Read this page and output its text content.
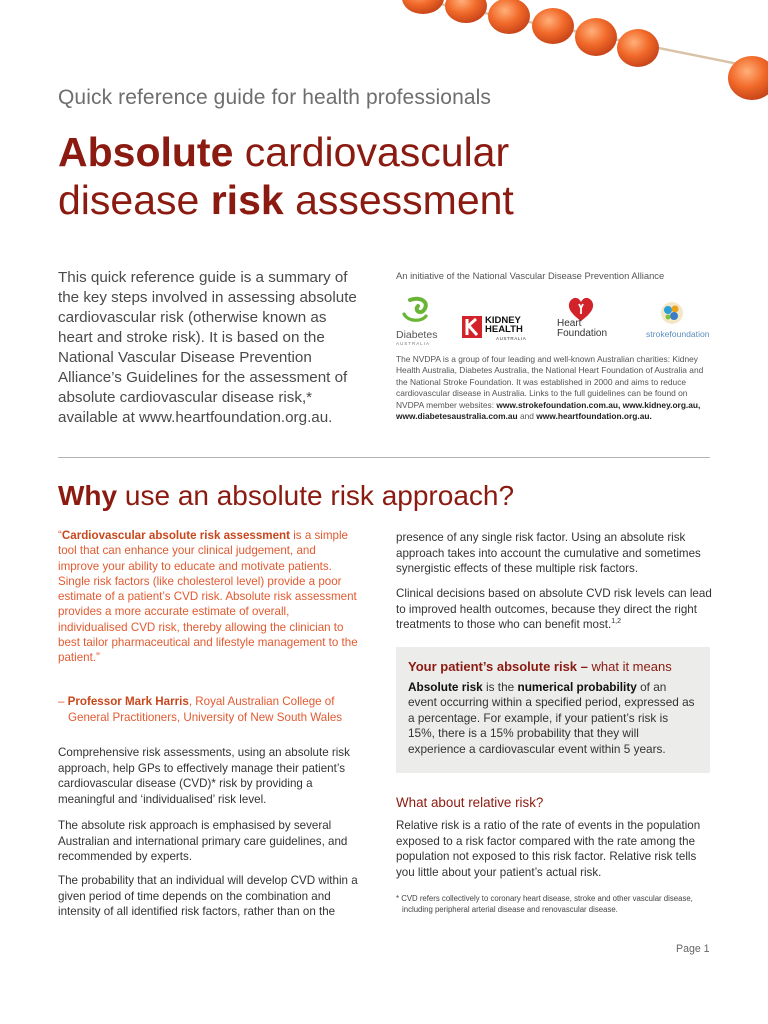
Quick reference guide for health professionals
Absolute cardiovascular
disease risk assessment
This quick reference guide is a summary of the key steps involved in assessing absolute cardiovascular risk (otherwise known as heart and stroke risk). It is based on the National Vascular Disease Prevention Alliance’s Guidelines for the assessment of absolute cardiovascular disease risk,* available at www.heartfoundation.org.au.
An initiative of the National Vascular Disease Prevention Alliance
Diabetes
AUSTRALIA
KIDNEY
HEALTH
AUSTRALIA
Heart
Foundation	strokefoundation
The NVDPA is a group of four leading and well-known Australian charities: Kidney Health Australia, Diabetes Australia, the National Heart Foundation of Australia and the National Stroke Foundation. It was established in 2000 and aims to reduce cardiovascular disease in Australia. Links to the full guidelines can be found on NVDPA member websites: www.strokefoundation.com.au, www.kidney.org.au, www.diabetesaustralia.com.au and www.heartfoundation.org.au.
Why use an absolute risk approach?
“Cardiovascular absolute risk assessment is a simple tool that can enhance your clinical judgement, and improve your ability to educate and motivate patients. Single risk factors (like cholesterol level) provide a poor estimate of a patient’s CVD risk. Absolute risk assessment provides a more accurate estimate of overall, individualised CVD risk, thereby allowing the clinician to best tailor pharmaceutical and lifestyle management to the patient.”
– Professor Mark Harris, Royal Australian College of General Practitioners, University of New South Wales
Comprehensive risk assessments, using an absolute risk approach, help GPs to effectively manage their patient’s cardiovascular disease (CVD)* risk by providing a meaningful and ‘individualised’ risk level.
The absolute risk approach is emphasised by several Australian and international primary care guidelines, and recommended by experts.
The probability that an individual will develop CVD within a given period of time depends on the combination and intensity of all identified risk factors, rather than on the
presence of any single risk factor. Using an absolute risk approach takes into account the cumulative and sometimes synergistic effects of these multiple risk factors.
Clinical decisions based on absolute CVD risk levels can lead to improved health outcomes, because they direct the right treatments to those who can benefit most.$^{1,2}$
Your patient’s absolute risk – what it means
Absolute risk is the numerical probability of an event occurring within a specified period, expressed as a percentage. For example, if your patient’s risk is 15%, there is a 15% probability that they will experience a cardiovascular event within 5 years.
What about relative risk?
Relative risk is a ratio of the rate of events in the population exposed to a risk factor compared with the rate among the population not exposed to this risk factor. Relative risk tells you little about your patient’s actual risk.
* CVD refers collectively to coronary heart disease, stroke and other vascular disease, including peripheral arterial disease and renovascular disease.
Page 1
